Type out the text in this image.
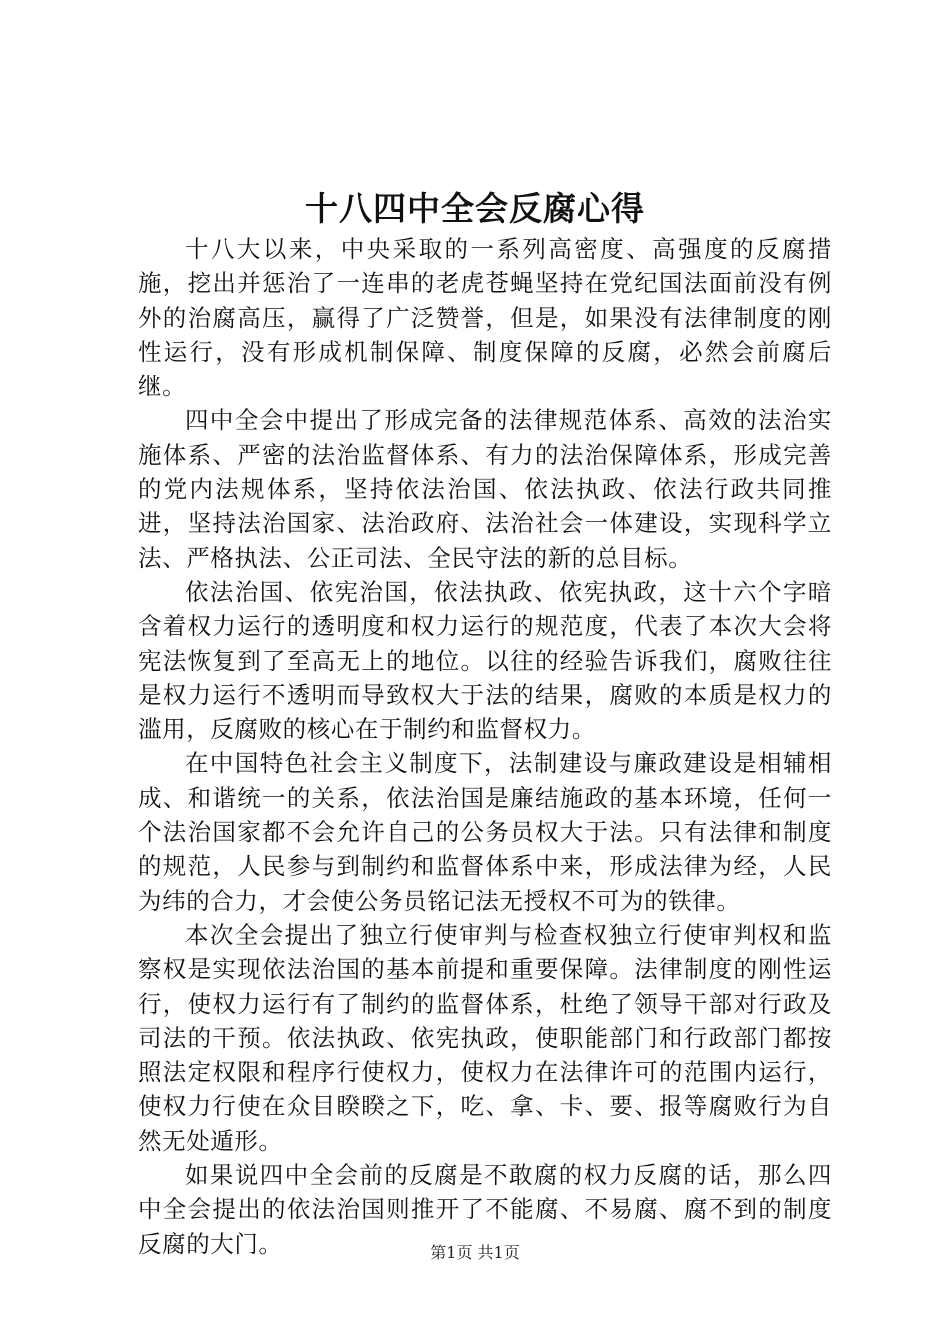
十八四中全会反腐心得

十八大以来，中央采取的一系列高密度、高强度的反腐措施，挖出并惩治了一连串的老虎苍蝇坚持在党纪国法面前没有例外的治腐高压，赢得了广泛赞誉，但是，如果没有法律制度的刚性运行，没有形成机制保障、制度保障的反腐，必然会前腐后继。

四中全会中提出了形成完备的法律规范体系、高效的法治实施体系、严密的法治监督体系、有力的法治保障体系，形成完善的党内法规体系，坚持依法治国、依法执政、依法行政共同推进，坚持法治国家、法治政府、法治社会一体建设，实现科学立法、严格执法、公正司法、全民守法的新的总目标。

依法治国、依宪治国，依法执政、依宪执政，这十六个字暗含着权力运行的透明度和权力运行的规范度，代表了本次大会将宪法恢复到了至高无上的地位。以往的经验告诉我们，腐败往往是权力运行不透明而导致权大于法的结果，腐败的本质是权力的滥用，反腐败的核心在于制约和监督权力。

在中国特色社会主义制度下，法制建设与廉政建设是相辅相成、和谐统一的关系，依法治国是廉结施政的基本环境，任何一个法治国家都不会允许自己的公务员权大于法。只有法律和制度的规范，人民参与到制约和监督体系中来，形成法律为经，人民为纬的合力，才会使公务员铭记法无授权不可为的铁律。

本次全会提出了独立行使审判与检查权独立行使审判权和监察权是实现依法治国的基本前提和重要保障。法律制度的刚性运行，使权力运行有了制约的监督体系，杜绝了领导干部对行政及司法的干预。依法执政、依宪执政，使职能部门和行政部门都按照法定权限和程序行使权力，使权力在法律许可的范围内运行，使权力行使在众目睽睽之下，吃、拿、卡、要、报等腐败行为自然无处遁形。

如果说四中全会前的反腐是不敢腐的权力反腐的话，那么四中全会提出的依法治国则推开了不能腐、不易腐、腐不到的制度反腐的大门。	第1页 共1页
